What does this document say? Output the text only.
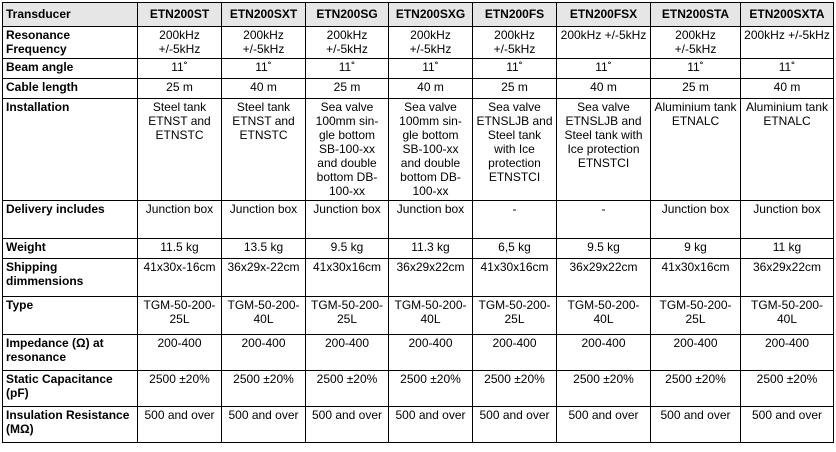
Transducer	ETN200ST	ETN200SXT	ETN200SG	ETN200SXG	ETN200FS	ETN200FSX	ETN200STA	ETN200SXTA
Resonance Frequency	200kHz +/-5kHz	200kHz +/-5kHz	200kHz +/-5kHz	200kHz +/-5kHz	200kHz +/-5kHz	200kHz +/-5kHz	200kHz +/-5kHz	200kHz +/-5kHz
Beam angle	11˚	11˚	11˚	11˚	11˚	11˚	11˚	11˚
Cable length	25 m	40 m	25 m	40 m	25 m	40 m	25 m	40 m
Installation	Steel tank ETNST and ETNSTC	Steel tank ETNST and ETNSTC	Sea valve 100mm sin-gle bottom SB-100-xx and double bottom DB-100-xx	Sea valve 100mm sin-gle bottom SB-100-xx and double bottom DB-100-xx	Sea valve ETNSLJB and Steel tank with Ice protection ETNSTCI	Sea valve ETNSLJB and Steel tank with Ice protection ETNSTCI	Aluminium tank ETNALC	Aluminium tank ETNALC
Delivery includes	Junction box	Junction box	Junction box	Junction box	-	-	Junction box	Junction box
Weight	11.5 kg	13.5 kg	9.5 kg	11.3 kg	6,5 kg	9.5 kg	9 kg	11 kg
Shipping dimmensions	41x30x-16cm	36x29x-22cm	41x30x16cm	36x29x22cm	41x30x16cm	36x29x22cm	41x30x16cm	36x29x22cm
Type	TGM-50-200-25L	TGM-50-200-40L	TGM-50-200-25L	TGM-50-200-40L	TGM-50-200-25L	TGM-50-200-40L	TGM-50-200-25L	TGM-50-200-40L
Impedance (Ω) at resonance	200-400	200-400	200-400	200-400	200-400	200-400	200-400	200-400
Static Capacitance (pF)	2500 ±20%	2500 ±20%	2500 ±20%	2500 ±20%	2500 ±20%	2500 ±20%	2500 ±20%	2500 ±20%
Insulation Resistance (MΩ)	500 and over	500 and over	500 and over	500 and over	500 and over	500 and over	500 and over	500 and over
